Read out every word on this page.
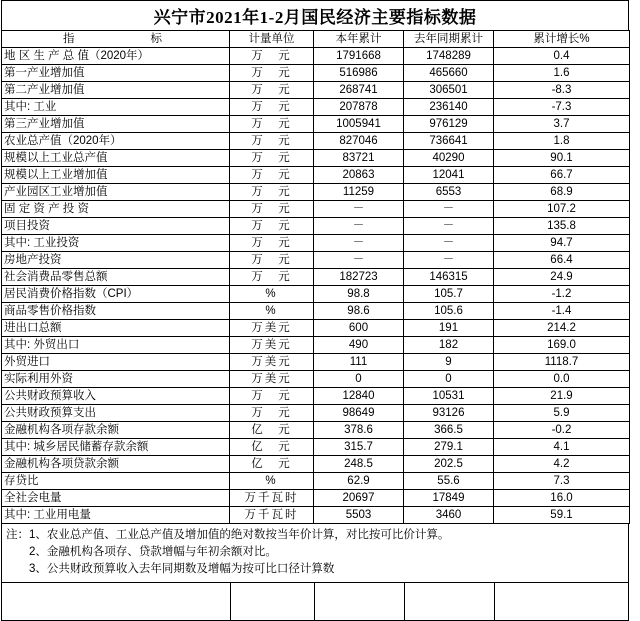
兴宁市2021年1-2月国民经济主要指标数据
指　　　　标	计量单位	本年累计	去年同期累计	累计增长%
地 区 生 产 总 值（2020年）	万　元	1791668	1748289	0.4
第一产业增加值	万　元	516986	465660	1.6
第二产业增加值	万　元	268741	306501	-8.3
其中: 工业	万　元	207878	236140	-7.3
第三产业增加值	万　元	1005941	976129	3.7
农业总产值（2020年）	万　元	827046	736641	1.8
规模以上工业总产值	万　元	83721	40290	90.1
规模以上工业增加值	万　元	20863	12041	66.7
产业园区工业增加值	万　元	11259	6553	68.9
固 定 资 产 投 资	万　元	－	－	107.2
项目投资	万　元	－	－	135.8
其中: 工业投资	万　元	－	－	94.7
房地产投资	万　元	－	－	66.4
社会消费品零售总额	万　元	182723	146315	24.9
居民消费价格指数（CPI）	%	98.8	105.7	-1.2
商品零售价格指数	%	98.6	105.6	-1.4
进出口总额	万美元	600	191	214.2
其中: 外贸出口	万美元	490	182	169.0
外贸进口	万美元	111	9	1118.7
实际利用外资	万美元	0	0	0.0
公共财政预算收入	万　元	12840	10531	21.9
公共财政预算支出	万　元	98649	93126	5.9
金融机构各项存款余额	亿　元	378.6	366.5	-0.2
其中: 城乡居民储蓄存款余额	亿　元	315.7	279.1	4.1
金融机构各项贷款余额	亿　元	248.5	202.5	4.2
存贷比	%	62.9	55.6	7.3
全社会电量	万千瓦时	20697	17849	16.0
其中: 工业用电量	万千瓦时	5503	3460	59.1
注：1、农业总产值、工业总产值及增加值的绝对数按当年价计算，对比按可比价计算。
　　2、金融机构各项存、贷款增幅与年初余额对比。
　　3、公共财政预算收入去年同期数及增幅为按可比口径计算数
